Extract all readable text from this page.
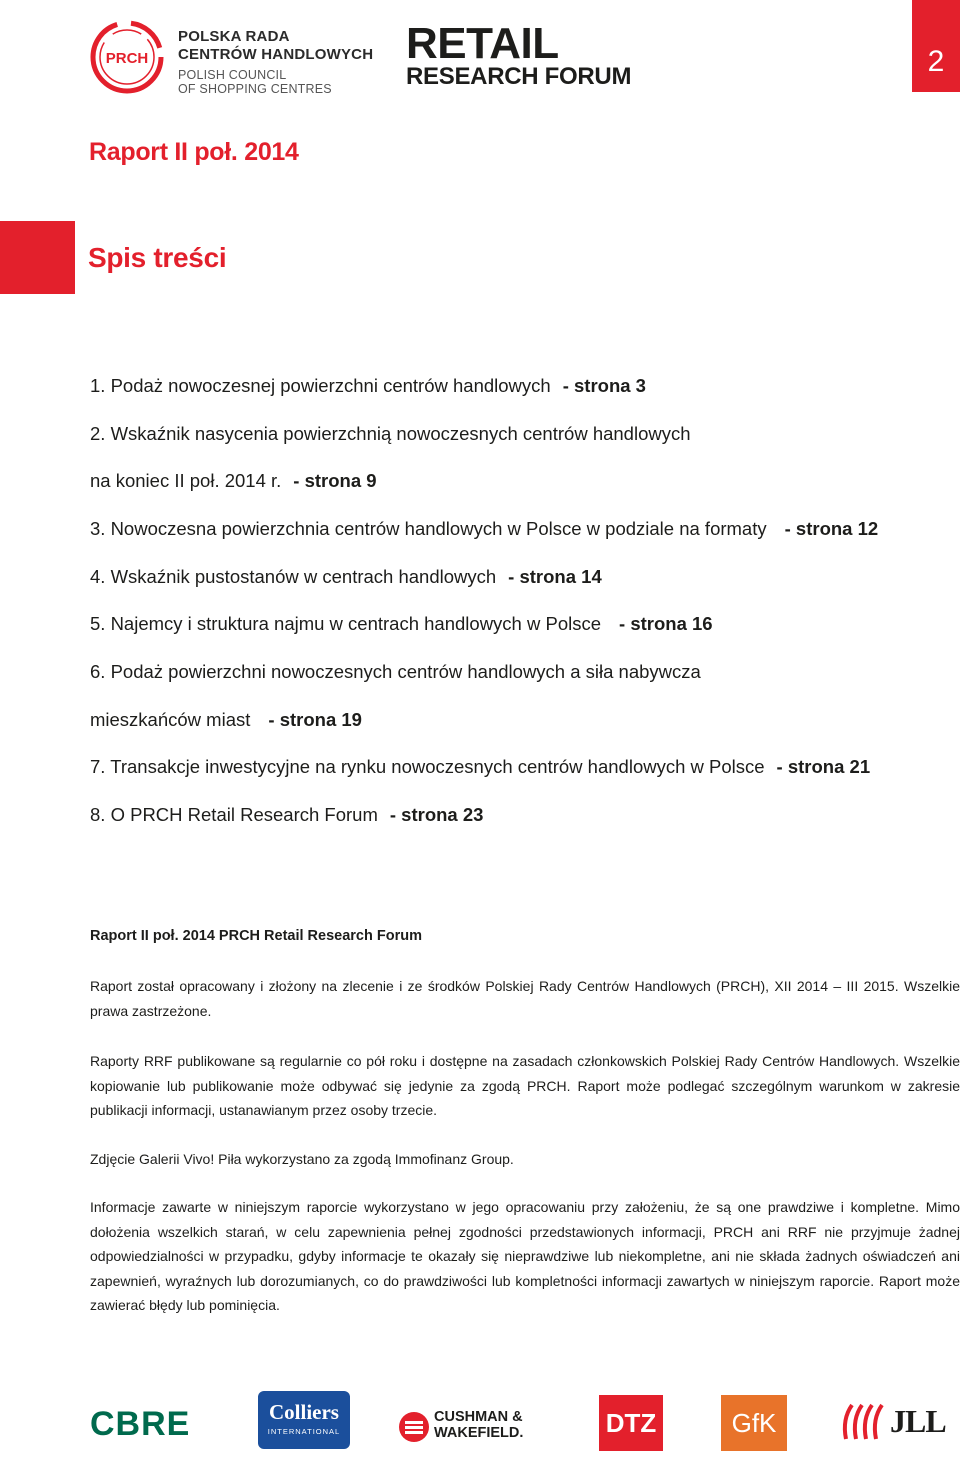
PRCH
POLSKA RADA
CENTRÓW HANDLOWYCH
POLISH COUNCIL
OF SHOPPING CENTRES
RETAIL
RESEARCH FORUM	2
Raport II poł. 2014
Spis treści
1. Podaż nowoczesnej powierzchni centrów handlowych - strona 3
2. Wskaźnik nasycenia powierzchnią nowoczesnych centrów handlowych
na koniec II poł. 2014 r. - strona 9
3. Nowoczesna powierzchnia centrów handlowych w Polsce w podziale na formaty - strona 12
4. Wskaźnik pustostanów w centrach handlowych - strona 14
5. Najemcy i struktura najmu w centrach handlowych w Polsce - strona 16
6. Podaż powierzchni nowoczesnych centrów handlowych a siła nabywcza
mieszkańców miast - strona 19
7. Transakcje inwestycyjne na rynku nowoczesnych centrów handlowych w Polsce - strona 21
8. O PRCH Retail Research Forum - strona 23
Raport II poł. 2014 PRCH Retail Research Forum

Raport został opracowany i złożony na zlecenie i ze środków Polskiej Rady Centrów Handlowych (PRCH), XII 2014 – III 2015. Wszelkie prawa zastrzeżone.

Raporty RRF publikowane są regularnie co pół roku i dostępne na zasadach członkowskich Polskiej Rady Centrów Handlowych. Wszelkie kopiowanie lub publikowanie może odbywać się jedynie za zgodą PRCH. Raport może podlegać szczególnym warunkom w zakresie publikacji informacji, ustanawianym przez osoby trzecie.

Zdjęcie Galerii Vivo! Piła wykorzystano za zgodą Immofinanz Group.

Informacje zawarte w niniejszym raporcie wykorzystano w jego opracowaniu przy założeniu, że są one prawdziwe i kompletne. Mimo dołożenia wszelkich starań, w celu zapewnienia pełnej zgodności przedstawionych informacji, PRCH ani RRF nie przyjmuje żadnej odpowiedzialności w przypadku, gdyby informacje te okazały się nieprawdziwe lub niekompletne, ani nie składa żadnych oświadczeń ani zapewnień, wyraźnych lub dorozumianych, co do prawdziwości lub kompletności informacji zawartych w niniejszym raporcie. Raport może zawierać błędy lub pominięcia.

CBRE	Colliers
INTERNATIONAL
CUSHMAN &
WAKEFIELD.	DTZ	GfK	JLL
